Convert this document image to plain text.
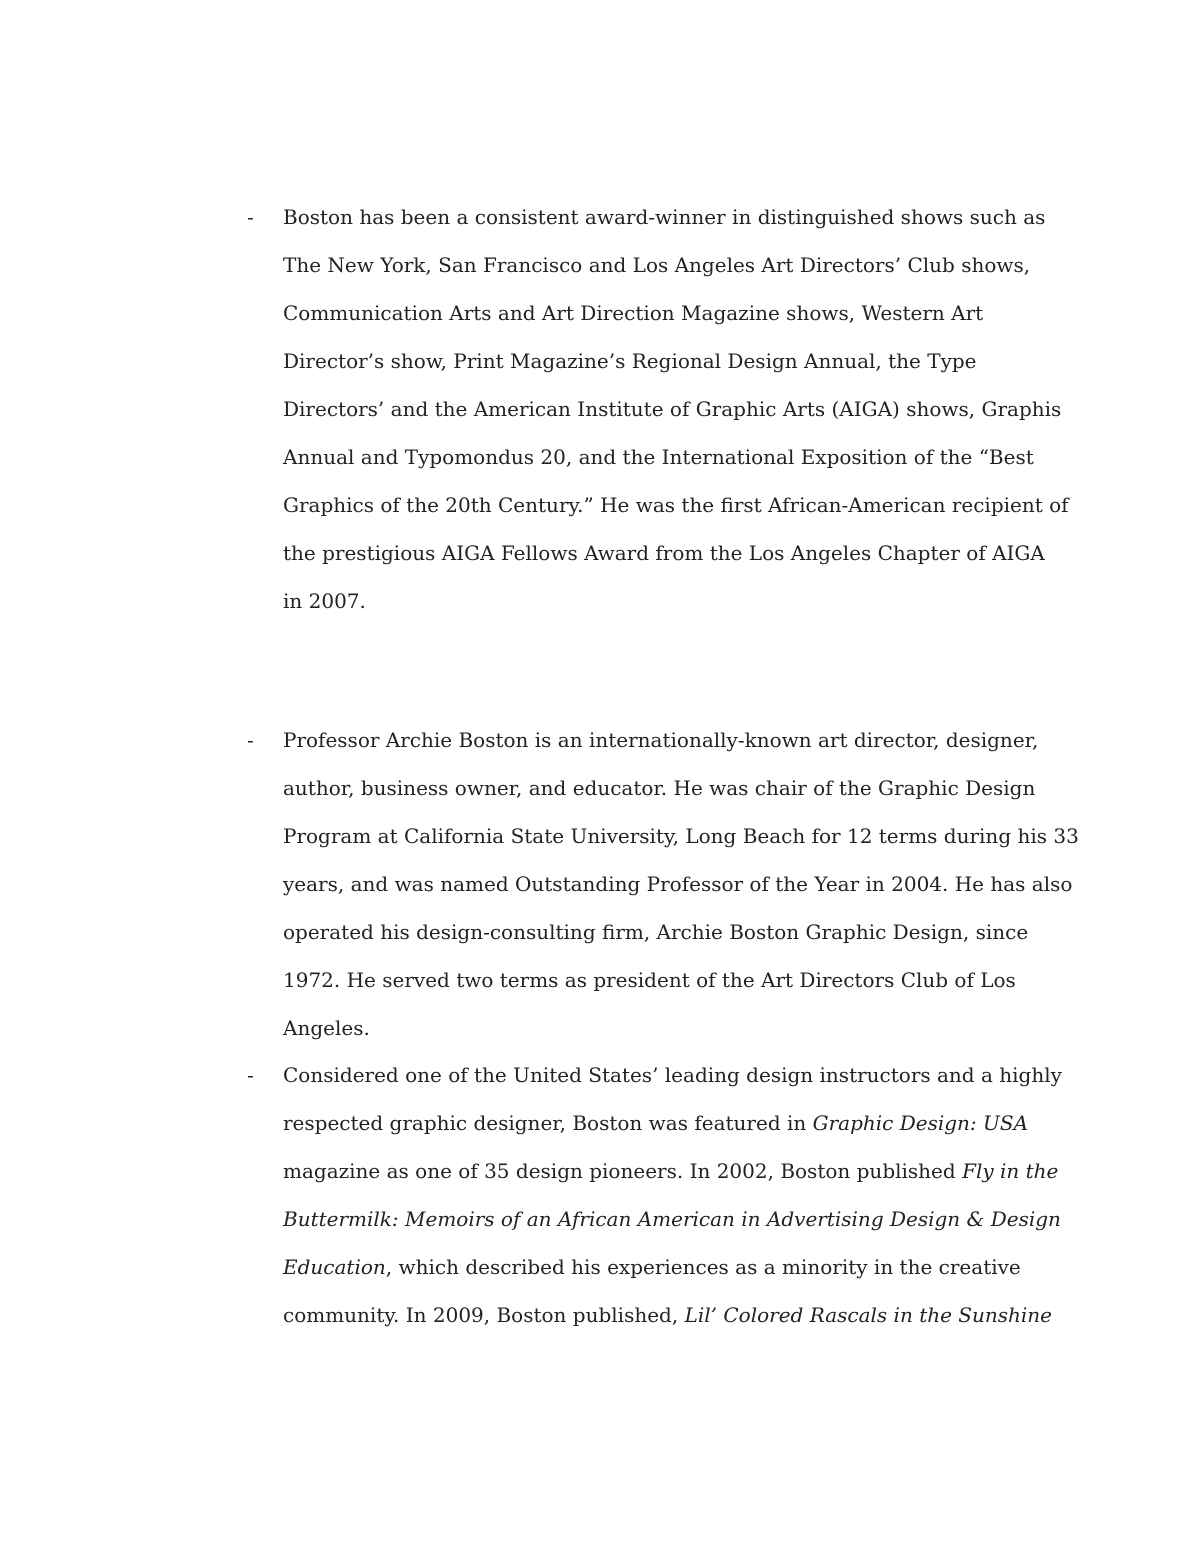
- Boston has been a consistent award-winner in distinguished shows such as
The New York, San Francisco and Los Angeles Art Directors’ Club shows,
Communication Arts and Art Direction Magazine shows, Western Art
Director’s show, Print Magazine’s Regional Design Annual, the Type
Directors’ and the American Institute of Graphic Arts (AIGA) shows, Graphis
Annual and Typomondus 20, and the International Exposition of the “Best
Graphics of the 20th Century.” He was the first African-American recipient of
the prestigious AIGA Fellows Award from the Los Angeles Chapter of AIGA
in 2007.
- Professor Archie Boston is an internationally-known art director, designer,
author, business owner, and educator. He was chair of the Graphic Design
Program at California State University, Long Beach for 12 terms during his 33
years, and was named Outstanding Professor of the Year in 2004. He has also
operated his design-consulting firm, Archie Boston Graphic Design, since
1972. He served two terms as president of the Art Directors Club of Los
Angeles.
- Considered one of the United States’ leading design instructors and a highly
respected graphic designer, Boston was featured in Graphic Design: USA
magazine as one of 35 design pioneers. In 2002, Boston published Fly in the
Buttermilk: Memoirs of an African American in Advertising Design & Design
Education, which described his experiences as a minority in the creative
community. In 2009, Boston published, Lil’ Colored Rascals in the Sunshine
